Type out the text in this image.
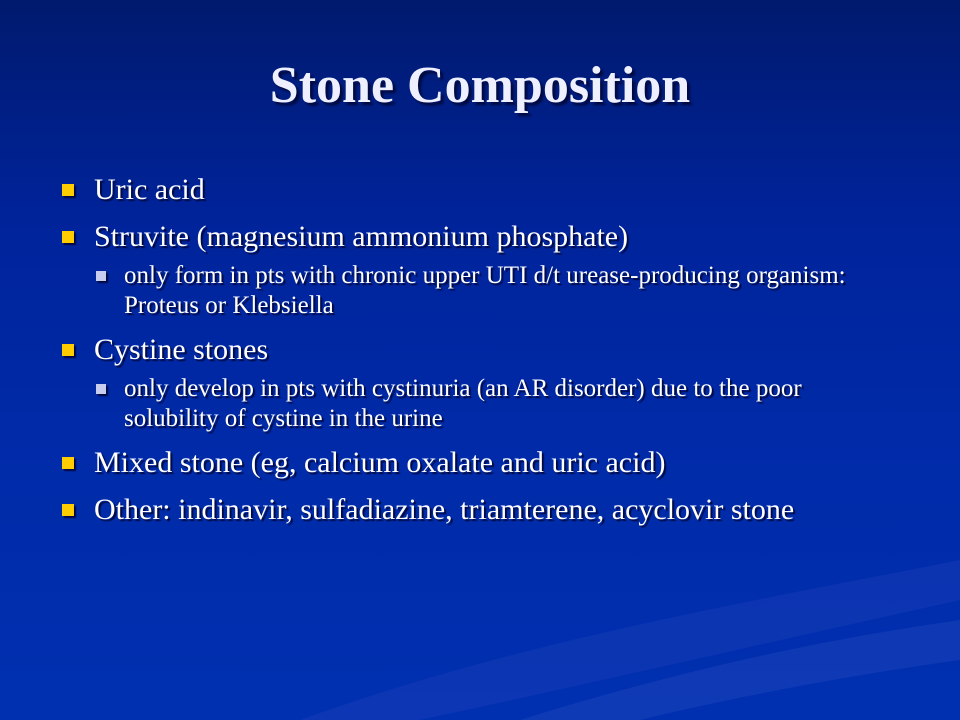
Stone Composition
Uric acid
Struvite (magnesium ammonium phosphate)
only form in pts with chronic upper UTI d/t urease-producing organism: Proteus or Klebsiella
Cystine stones
only develop in pts with cystinuria (an AR disorder) due to the poor solubility of cystine in the urine
Mixed stone (eg, calcium oxalate and uric acid)
Other: indinavir, sulfadiazine, triamterene, acyclovir stone
